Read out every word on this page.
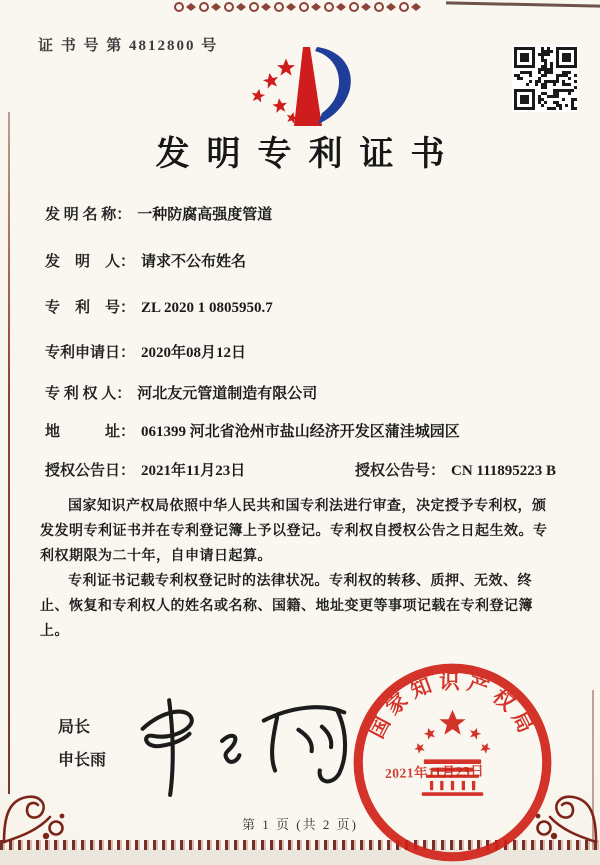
证 书 号 第 4812800 号
发明专利证书
发 明 名 称： 一种防腐高强度管道
发　明　人： 请求不公布姓名
专　利　号： ZL 2020 1 0805950.7
专利申请日： 2020年08月12日
专 利 权 人： 河北友元管道制造有限公司
地　　　址： 061399 河北省沧州市盐山经济开发区蒲洼城园区
授权公告日： 2021年11月23日	授权公告号： CN 111895223 B

国家知识产权局依照中华人民共和国专利法进行审查，决定授予专利权，颁发发明专利证书并在专利登记簿上予以登记。专利权自授权公告之日起生效。专利权期限为二十年，自申请日起算。

专利证书记载专利权登记时的法律状况。专利权的转移、质押、无效、终止、恢复和专利权人的姓名或名称、国籍、地址变更等事项记载在专利登记簿上。

局长
申长雨
国家知识产权局
2021年11月23日
第 1 页 (共 2 页)
